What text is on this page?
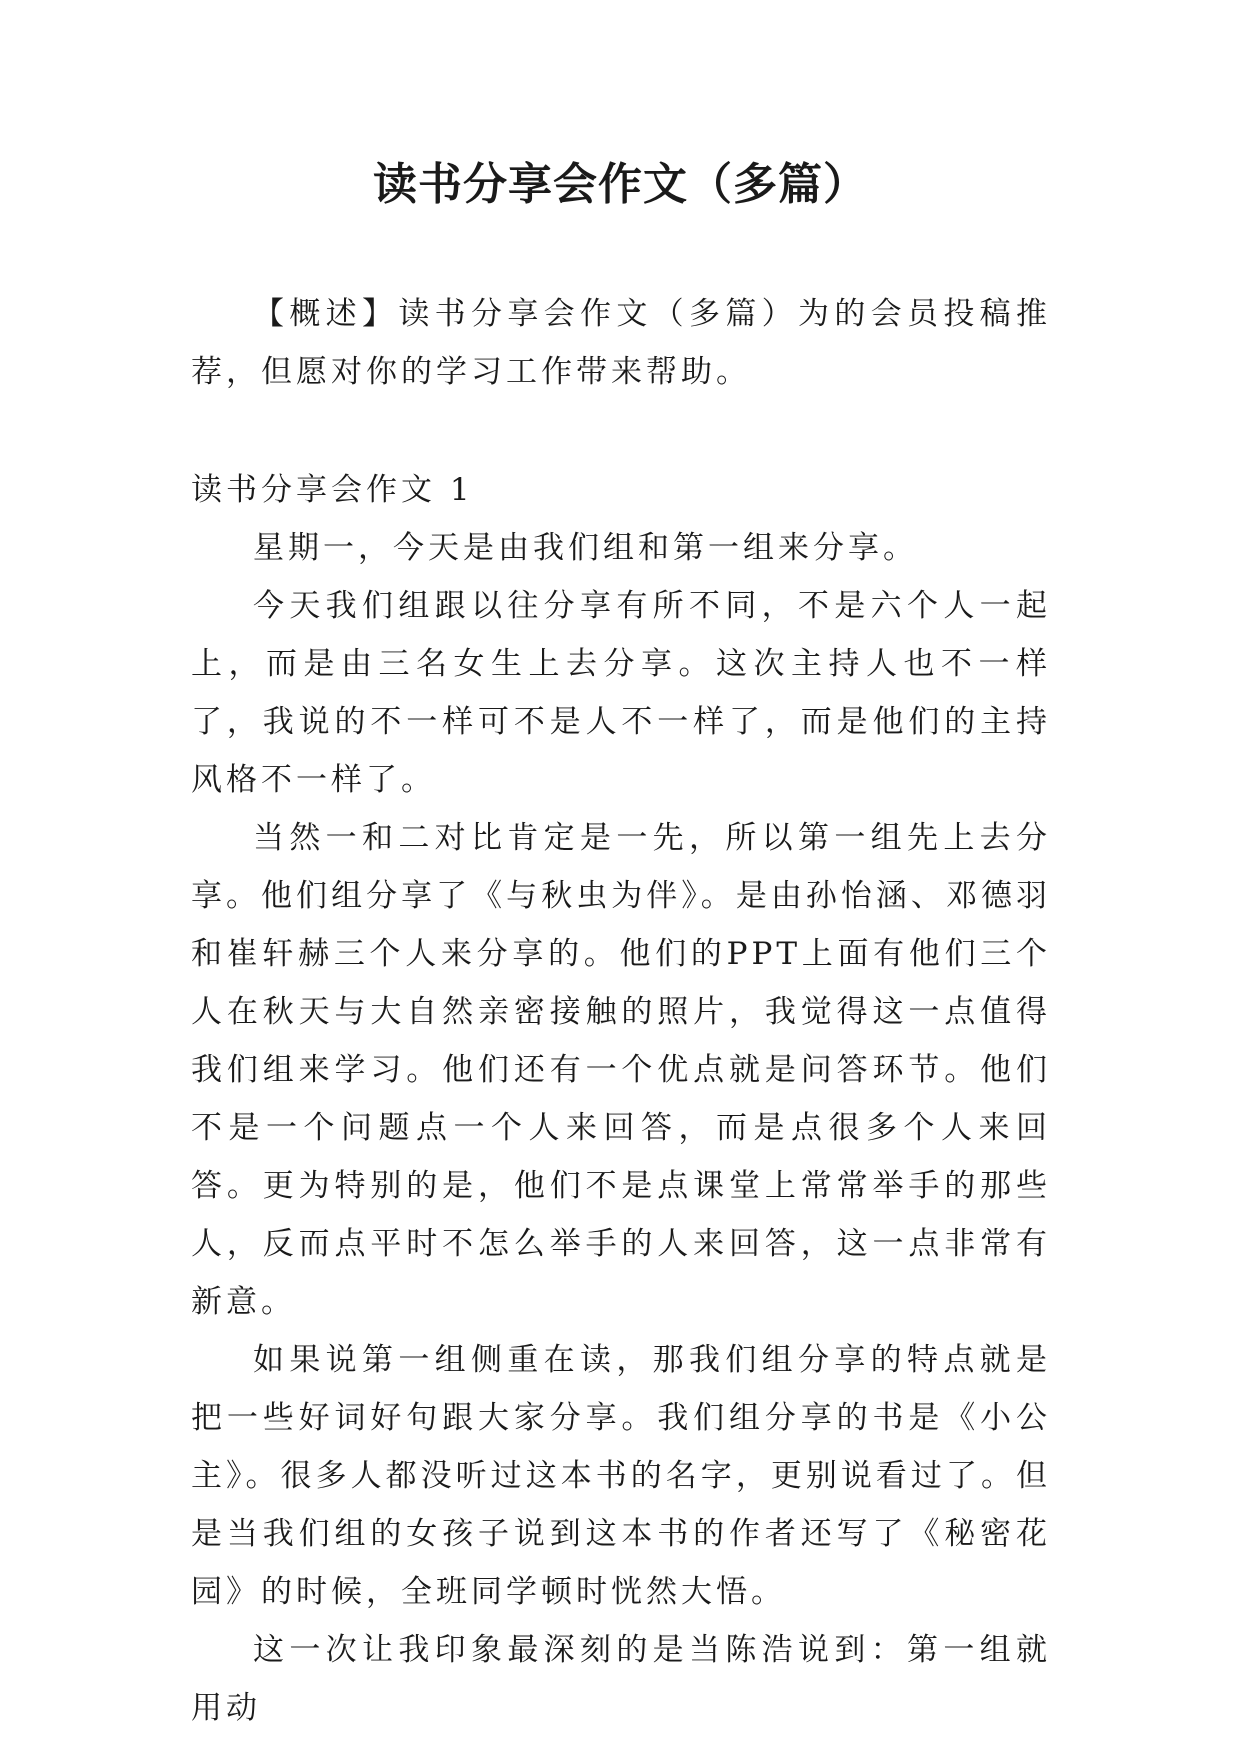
读书分享会作文（多篇）

【概述】读书分享会作文（多篇）为的会员投稿推荐，但愿对你的学习工作带来帮助。

读书分享会作文 1

星期一，今天是由我们组和第一组来分享。

今天我们组跟以往分享有所不同，不是六个人一起上，而是由三名女生上去分享。这次主持人也不一样了，我说的不一样可不是人不一样了，而是他们的主持风格不一样了。

当然一和二对比肯定是一先，所以第一组先上去分享。他们组分享了《与秋虫为伴》。是由孙怡涵、邓德羽和崔轩赫三个人来分享的。他们的PPT上面有他们三个人在秋天与大自然亲密接触的照片，我觉得这一点值得我们组来学习。他们还有一个优点就是问答环节。他们不是一个问题点一个人来回答，而是点很多个人来回答。更为特别的是，他们不是点课堂上常常举手的那些人，反而点平时不怎么举手的人来回答，这一点非常有新意。

如果说第一组侧重在读，那我们组分享的特点就是把一些好词好句跟大家分享。我们组分享的书是《小公主》。很多人都没听过这本书的名字，更别说看过了。但是当我们组的女孩子说到这本书的作者还写了《秘密花园》的时候，全班同学顿时恍然大悟。

这一次让我印象最深刻的是当陈浩说到：第一组就用动
